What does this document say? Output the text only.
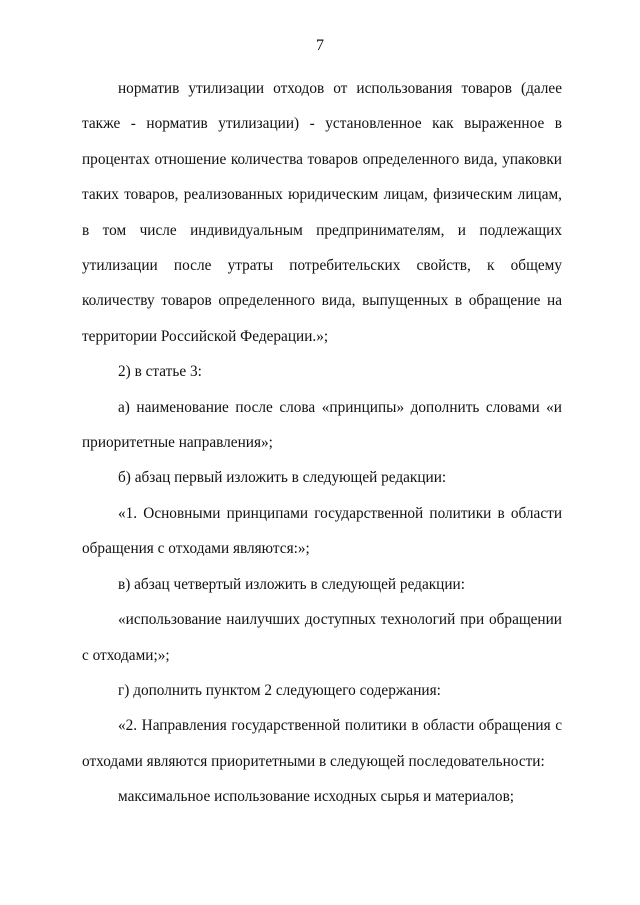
7

норматив утилизации отходов от использования товаров (далее также - норматив утилизации) - установленное как выраженное в процентах отношение количества товаров определенного вида, упаковки таких товаров, реализованных юридическим лицам, физическим лицам, в том числе индивидуальным предпринимателям, и подлежащих утилизации после утраты потребительских свойств, к общему количеству товаров определенного вида, выпущенных в обращение на территории Российской Федерации.»;

2) в статье 3:

а) наименование после слова «принципы» дополнить словами «и приоритетные направления»;

б) абзац первый изложить в следующей редакции:

«1. Основными принципами государственной политики в области обращения с отходами являются:»;

в) абзац четвертый изложить в следующей редакции:

«использование наилучших доступных технологий при обращении с отходами;»;

г) дополнить пунктом 2 следующего содержания:

«2. Направления государственной политики в области обращения с отходами являются приоритетными в следующей последовательности:

максимальное использование исходных сырья и материалов;
